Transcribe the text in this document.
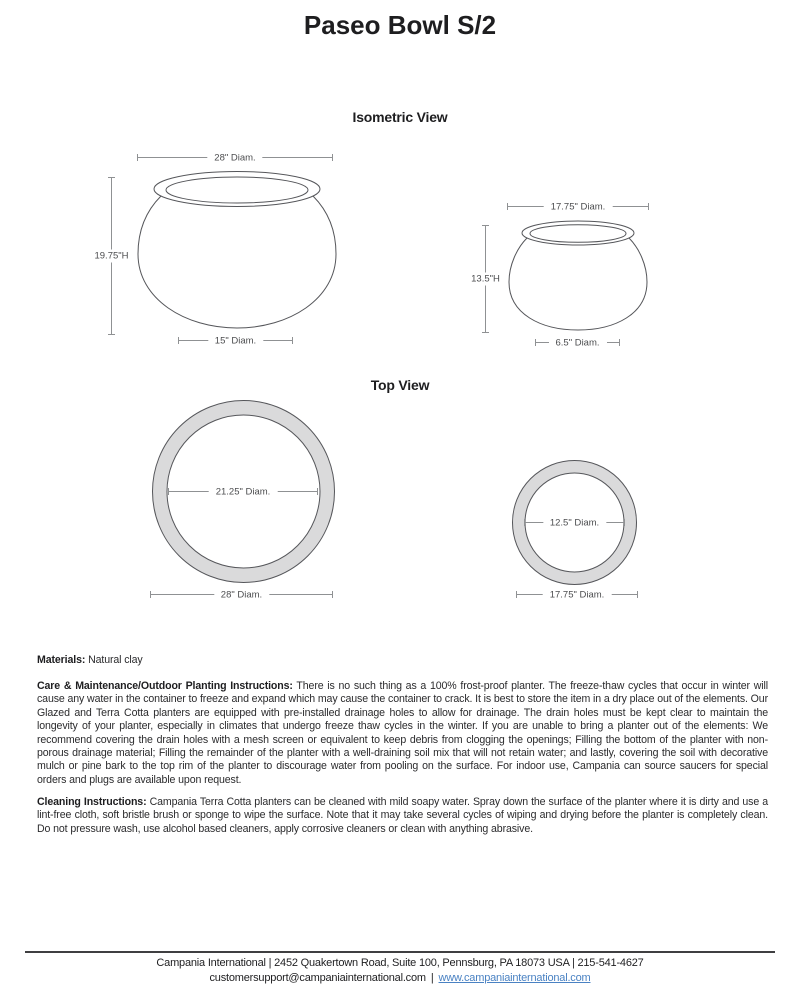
Paseo Bowl S/2
Isometric View
28" Diam.
19.75"H
15" Diam.
17.75" Diam.
13.5"H
6.5" Diam.
Top View
21.25" Diam.
28" Diam.
12.5" Diam.
17.75" Diam.

Materials: Natural clay

Care & Maintenance/Outdoor Planting Instructions: There is no such thing as a 100% frost-proof planter. The freeze-thaw cycles that occur in winter will cause any water in the container to freeze and expand which may cause the container to crack. It is best to store the item in a dry place out of the elements. Our Glazed and Terra Cotta planters are equipped with pre-installed drainage holes to allow for drainage. The drain holes must be kept clear to maintain the longevity of your planter, especially in climates that undergo freeze thaw cycles in the winter. If you are unable to bring a planter out of the elements: We recommend covering the drain holes with a mesh screen or equivalent to keep debris from clogging the openings; Filling the bottom of the planter with non-porous drainage material; Filling the remainder of the planter with a well-draining soil mix that will not retain water; and lastly, covering the soil with decorative mulch or pine bark to the top rim of the planter to discourage water from pooling on the surface. For indoor use, Campania can source saucers for special orders and plugs are available upon request.

Cleaning Instructions: Campania Terra Cotta planters can be cleaned with mild soapy water. Spray down the surface of the planter where it is dirty and use a lint-free cloth, soft bristle brush or sponge to wipe the surface. Note that it may take several cycles of wiping and drying before the planter is completely clean. Do not pressure wash, use alcohol based cleaners, apply corrosive cleaners or clean with anything abrasive.

Campania International | 2452 Quakertown Road, Suite 100, Pennsburg, PA 18073 USA | 215-541-4627
customersupport@campaniainternational.com | www.campaniainternational.com
